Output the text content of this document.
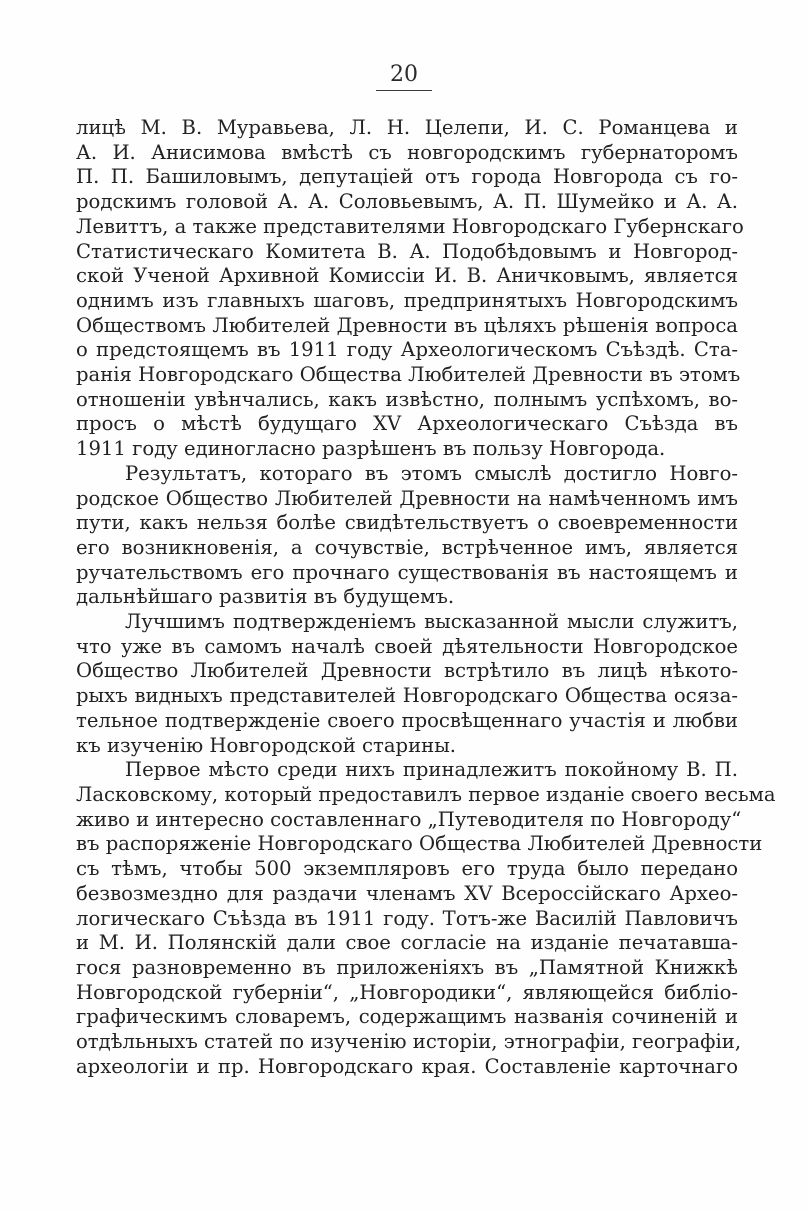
20
лицѣ М. В. Муравьева, Л. Н. Целепи, И. С. Романцева и
А. И. Анисимова вмѣстѣ съ новгородскимъ губернаторомъ
П. П. Башиловымъ, депутаціей отъ города Новгорода съ го-
родскимъ головой А. А. Соловьевымъ, А. П. Шумейко и А. А.
Левиттъ, а также представителями Новгородскаго Губернскаго
Статистическаго Комитета В. А. Подобѣдовымъ и Новгород-
ской Ученой Архивной Комиссіи И. В. Аничковымъ, является
однимъ изъ главныхъ шаговъ, предпринятыхъ Новгородскимъ
Обществомъ Любителей Древности въ цѣляхъ рѣшенія вопроса
о предстоящемъ въ 1911 году Археологическомъ Съѣздѣ. Ста-
ранія Новгородскаго Общества Любителей Древности въ этомъ
отношеніи увѣнчались, какъ извѣстно, полнымъ успѣхомъ, во-
просъ о мѣстѣ будущаго XV Археологическаго Съѣзда въ
1911 году единогласно разрѣшенъ въ пользу Новгорода.
Результатъ, котораго въ этомъ смыслѣ достигло Новго-
родское Общество Любителей Древности на намѣченномъ имъ
пути, какъ нельзя болѣе свидѣтельствуетъ о своевременности
его возникновенія, а сочувствіе, встрѣченное имъ, является
ручательствомъ его прочнаго существованія въ настоящемъ и
дальнѣйшаго развитія въ будущемъ.
Лучшимъ подтвержденіемъ высказанной мысли служитъ,
что уже въ самомъ началѣ своей дѣятельности Новгородское
Общество Любителей Древности встрѣтило въ лицѣ нѣкото-
рыхъ видныхъ представителей Новгородскаго Общества осяза-
тельное подтвержденіе своего просвѣщеннаго участія и любви
къ изученію Новгородской старины.
Первое мѣсто среди нихъ принадлежитъ покойному В. П.
Ласковскому, который предоставилъ первое изданіе своего весьма
живо и интересно составленнаго „Путеводителя по Новгороду“
въ распоряженіе Новгородскаго Общества Любителей Древности
съ тѣмъ, чтобы 500 экземпляровъ его труда было передано
безвозмездно для раздачи членамъ XV Всероссійскаго Архео-
логическаго Съѣзда въ 1911 году. Тотъ-же Василій Павловичъ
и М. И. Полянскій дали свое согласіе на изданіе печатавша-
гося разновременно въ приложеніяхъ въ „Памятной Книжкѣ
Новгородской губерніи“, „Новгородики“, являющейся библіо-
графическимъ словаремъ, содержащимъ названія сочиненій и
отдѣльныхъ статей по изученію исторіи, этнографіи, географіи,
археологіи и пр. Новгородскаго края. Составленіе карточнаго
